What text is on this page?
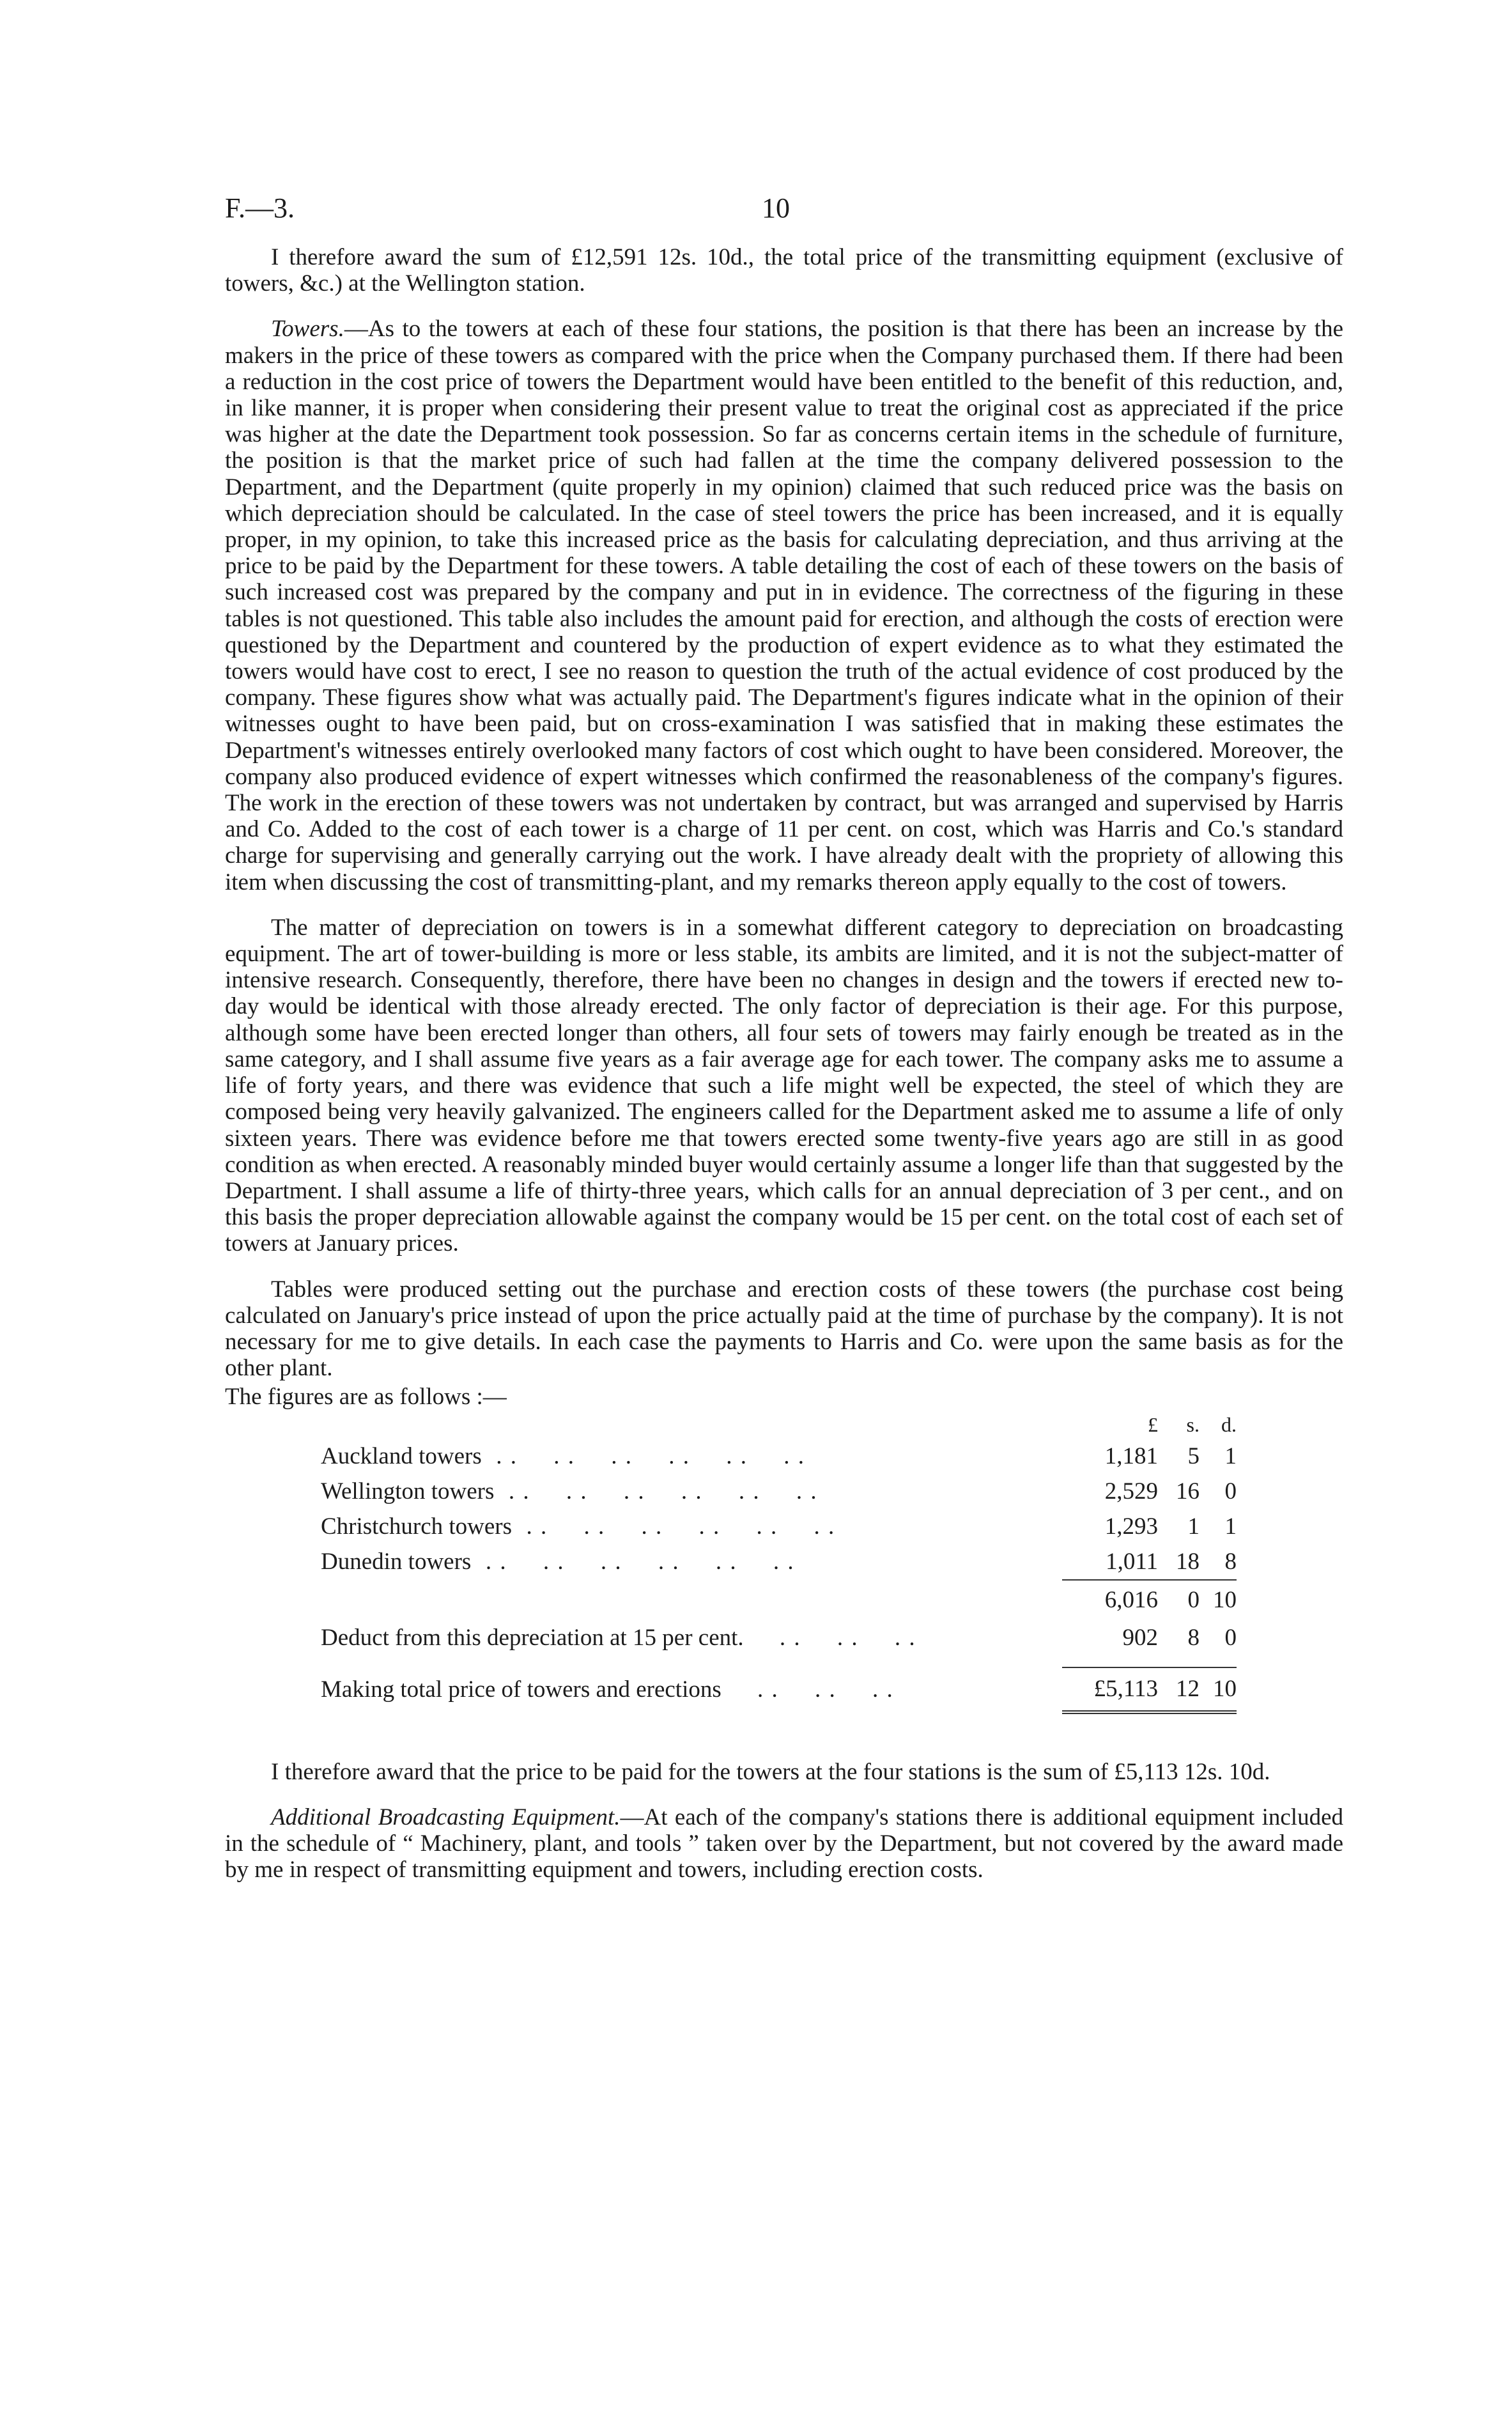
F.—3.	10

I therefore award the sum of £12,591 12s. 10d., the total price of the transmitting equipment (exclusive of towers, &c.) at the Wellington station.

Towers.—As to the towers at each of these four stations, the position is that there has been an increase by the makers in the price of these towers as compared with the price when the Company purchased them. If there had been a reduction in the cost price of towers the Department would have been entitled to the benefit of this reduction, and, in like manner, it is proper when considering their present value to treat the original cost as appreciated if the price was higher at the date the Department took possession. So far as concerns certain items in the schedule of furniture, the position is that the market price of such had fallen at the time the company delivered possession to the Department, and the Department (quite properly in my opinion) claimed that such reduced price was the basis on which depreciation should be calculated. In the case of steel towers the price has been increased, and it is equally proper, in my opinion, to take this increased price as the basis for calculating depreciation, and thus arriving at the price to be paid by the Department for these towers. A table detailing the cost of each of these towers on the basis of such increased cost was prepared by the company and put in in evidence. The correctness of the figuring in these tables is not questioned. This table also includes the amount paid for erection, and although the costs of erection were questioned by the Department and countered by the production of expert evidence as to what they estimated the towers would have cost to erect, I see no reason to question the truth of the actual evidence of cost produced by the company. These figures show what was actually paid. The Department's figures indicate what in the opinion of their witnesses ought to have been paid, but on cross-examination I was satisfied that in making these estimates the Department's witnesses entirely overlooked many factors of cost which ought to have been considered. Moreover, the company also produced evidence of expert witnesses which confirmed the reasonableness of the company's figures. The work in the erection of these towers was not undertaken by contract, but was arranged and supervised by Harris and Co. Added to the cost of each tower is a charge of 11 per cent. on cost, which was Harris and Co.'s standard charge for supervising and generally carrying out the work. I have already dealt with the propriety of allowing this item when discussing the cost of transmitting-plant, and my remarks thereon apply equally to the cost of towers.

The matter of depreciation on towers is in a somewhat different category to depreciation on broadcasting equipment. The art of tower-building is more or less stable, its ambits are limited, and it is not the subject-matter of intensive research. Consequently, therefore, there have been no changes in design and the towers if erected new to-day would be identical with those already erected. The only factor of depreciation is their age. For this purpose, although some have been erected longer than others, all four sets of towers may fairly enough be treated as in the same category, and I shall assume five years as a fair average age for each tower. The company asks me to assume a life of forty years, and there was evidence that such a life might well be expected, the steel of which they are composed being very heavily galvanized. The engineers called for the Department asked me to assume a life of only sixteen years. There was evidence before me that towers erected some twenty-five years ago are still in as good condition as when erected. A reasonably minded buyer would certainly assume a longer life than that suggested by the Department. I shall assume a life of thirty-three years, which calls for an annual depreciation of 3 per cent., and on this basis the proper depreciation allowable against the company would be 15 per cent. on the total cost of each set of towers at January prices.

Tables were produced setting out the purchase and erection costs of these towers (the purchase cost being calculated on January's price instead of upon the price actually paid at the time of purchase by the company). It is not necessary for me to give details. In each case the payments to Harris and Co. were upon the same basis as for the other plant.

The figures are as follows :—

	£	s.	d.
Auckland towers  . .     . .     . .     . .     . .     . .	1,181	5	1
Wellington towers  . .     . .     . .     . .     . .     . .	2,529	16	0
Christchurch towers  . .     . .     . .     . .     . .     . .	1,293	1	1
Dunedin towers  . .     . .     . .     . .     . .     . .	1,011	18	8
	6,016	0	10
Deduct from this depreciation at 15 per cent.     . .     . .     . .	902	8	0

Making total price of towers and erections     . .     . .     . .	£5,113	12	10

I therefore award that the price to be paid for the towers at the four stations is the sum of £5,113 12s. 10d.

Additional Broadcasting Equipment.—At each of the company's stations there is additional equipment included in the schedule of “ Machinery, plant, and tools ” taken over by the Department, but not covered by the award made by me in respect of transmitting equipment and towers, including erection costs.
